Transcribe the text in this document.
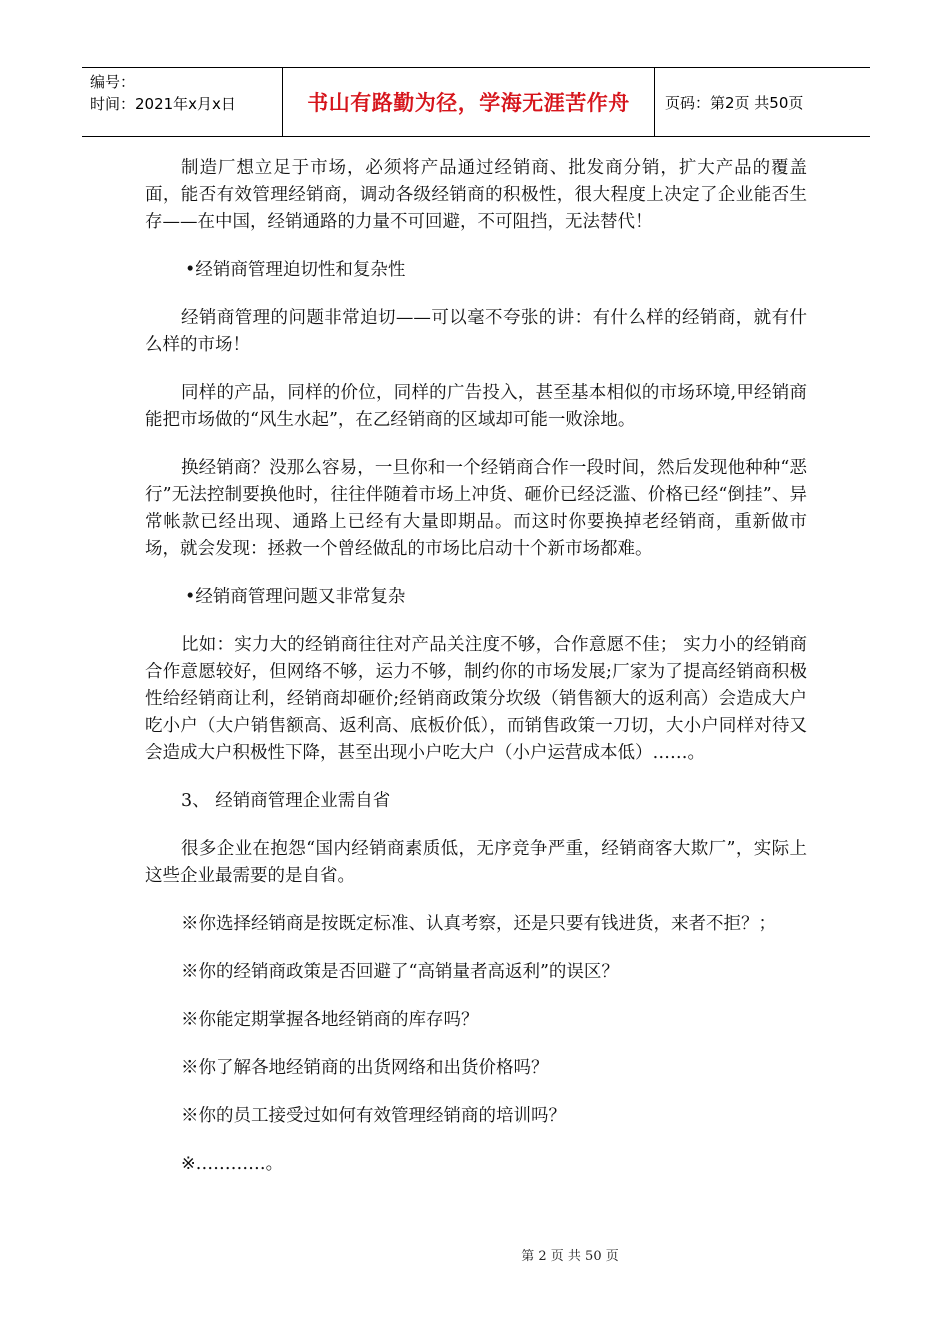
编号：
时间：2021年x月x日	书山有路勤为径，学海无涯苦作舟	页码：第2页 共50页

制造厂想立足于市场，必须将产品通过经销商、批发商分销，扩大产品的覆盖面，能否有效管理经销商，调动各级经销商的积极性，很大程度上决定了企业能否生存——在中国，经销通路的力量不可回避，不可阻挡，无法替代！

•经销商管理迫切性和复杂性

经销商管理的问题非常迫切——可以毫不夸张的讲：有什么样的经销商，就有什么样的市场！

同样的产品，同样的价位，同样的广告投入，甚至基本相似的市场环境,甲经销商能把市场做的“风生水起”，在乙经销商的区域却可能一败涂地。

换经销商？没那么容易，一旦你和一个经销商合作一段时间，然后发现他种种“恶行”无法控制要换他时，往往伴随着市场上冲货、砸价已经泛滥、价格已经“倒挂”、异常帐款已经出现、通路上已经有大量即期品。而这时你要换掉老经销商，重新做市场，就会发现：拯救一个曾经做乱的市场比启动十个新市场都难。

•经销商管理问题又非常复杂

比如：实力大的经销商往往对产品关注度不够，合作意愿不佳； 实力小的经销商合作意愿较好，但网络不够，运力不够，制约你的市场发展;厂家为了提高经销商积极性给经销商让利，经销商却砸价;经销商政策分坎级（销售额大的返利高）会造成大户吃小户（大户销售额高、返利高、底板价低），而销售政策一刀切，大小户同样对待又会造成大户积极性下降，甚至出现小户吃大户（小户运营成本低）……。

3、 经销商管理企业需自省

很多企业在抱怨“国内经销商素质低，无序竞争严重，经销商客大欺厂”，实际上这些企业最需要的是自省。

※你选择经销商是按既定标准、认真考察，还是只要有钱进货，来者不拒？；

※你的经销商政策是否回避了“高销量者高返利”的误区？

※你能定期掌握各地经销商的库存吗？

※你了解各地经销商的出货网络和出货价格吗？

※你的员工接受过如何有效管理经销商的培训吗？

※…………。

第 2 页 共 50 页
